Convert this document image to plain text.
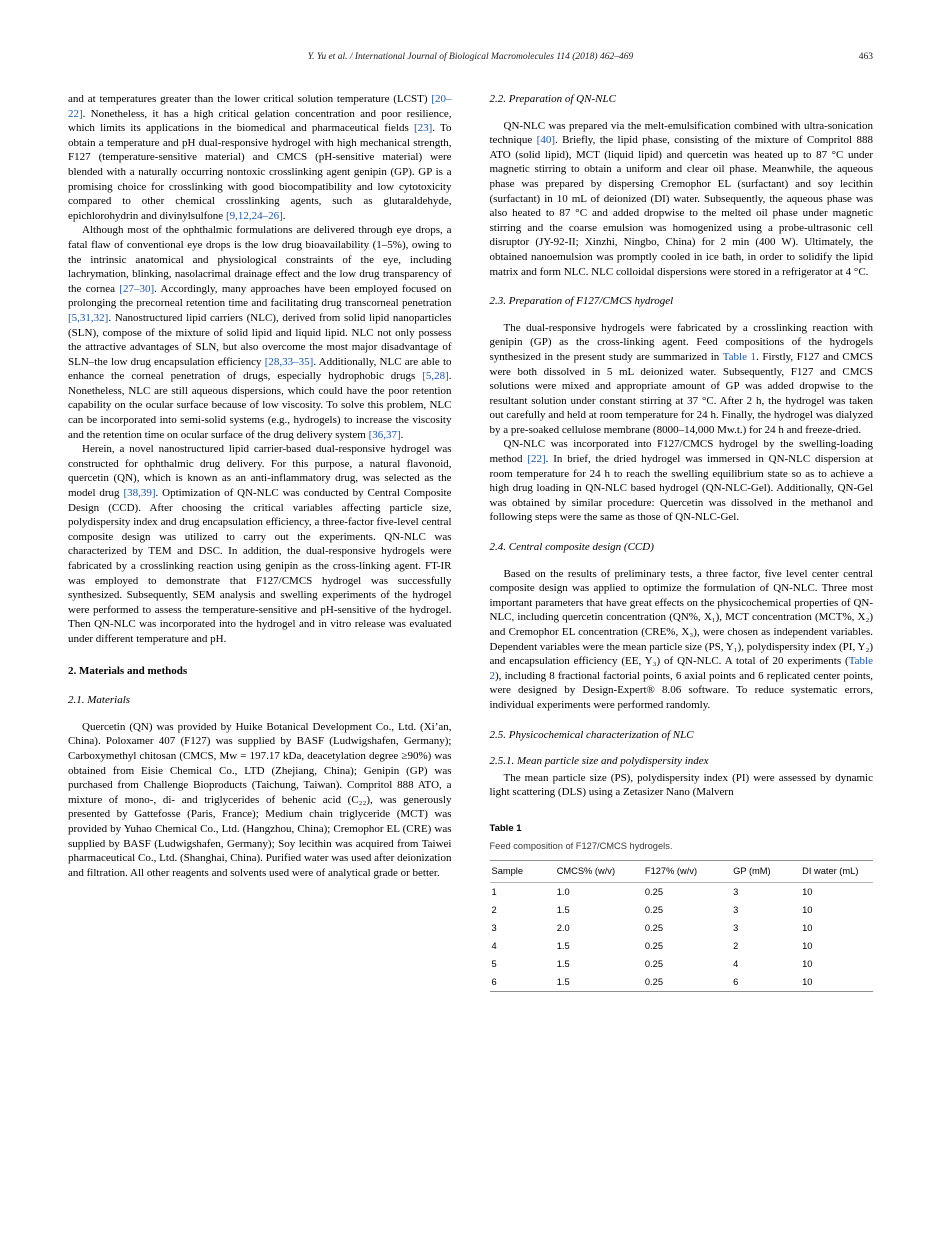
Y. Yu et al. / International Journal of Biological Macromolecules 114 (2018) 462–469	463

and at temperatures greater than the lower critical solution temperature (LCST) [20–22]. Nonetheless, it has a high critical gelation concentration and poor resilience, which limits its applications in the biomedical and pharmaceutical fields [23]. To obtain a temperature and pH dual-responsive hydrogel with high mechanical strength, F127 (temperature-sensitive material) and CMCS (pH-sensitive material) were blended with a naturally occurring nontoxic crosslinking agent genipin (GP). GP is a promising choice for crosslinking with good biocompatibility and low cytotoxicity compared to other chemical crosslinking agents, such as glutaraldehyde, epichlorohydrin and divinylsulfone [9,12,24–26].

Although most of the ophthalmic formulations are delivered through eye drops, a fatal flaw of conventional eye drops is the low drug bioavailability (1–5%), owing to the intrinsic anatomical and physiological constraints of the eye, including lachrymation, blinking, nasolacrimal drainage effect and the low drug transparency of the cornea [27–30]. Accordingly, many approaches have been employed focused on prolonging the precorneal retention time and facilitating drug transcorneal penetration [5,31,32]. Nanostructured lipid carriers (NLC), derived from solid lipid nanoparticles (SLN), compose of the mixture of solid lipid and liquid lipid. NLC not only possess the attractive advantages of SLN, but also overcome the most major disadvantage of SLN–the low drug encapsulation efficiency [28,33–35]. Additionally, NLC are able to enhance the corneal penetration of drugs, especially hydrophobic drugs [5,28]. Nonetheless, NLC are still aqueous dispersions, which could have the poor retention capability on the ocular surface because of low viscosity. To solve this problem, NLC can be incorporated into semi-solid systems (e.g., hydrogels) to increase the viscosity and the retention time on ocular surface of the drug delivery system [36,37].

Herein, a novel nanostructured lipid carrier-based dual-responsive hydrogel was constructed for ophthalmic drug delivery. For this purpose, a natural flavonoid, quercetin (QN), which is known as an anti-inflammatory drug, was selected as the model drug [38,39]. Optimization of QN-NLC was conducted by Central Composite Design (CCD). After choosing the critical variables affecting particle size, polydispersity index and drug encapsulation efficiency, a three-factor five-level central composite design was utilized to carry out the experiments. QN-NLC was characterized by TEM and DSC. In addition, the dual-responsive hydrogels were fabricated by a crosslinking reaction using genipin as the cross-linking agent. FT-IR was employed to demonstrate that F127/CMCS hydrogel was successfully synthesized. Subsequently, SEM analysis and swelling experiments of the hydrogel were performed to assess the temperature-sensitive and pH-sensitive of the hydrogel. Then QN-NLC was incorporated into the hydrogel and in vitro release was evaluated under different temperature and pH.

2. Materials and methods
2.1. Materials

Quercetin (QN) was provided by Huike Botanical Development Co., Ltd. (Xi’an, China). Poloxamer 407 (F127) was supplied by BASF (Ludwigshafen, Germany); Carboxymethyl chitosan (CMCS, Mw = 197.17 kDa, deacetylation degree ≥90%) was obtained from Eisie Chemical Co., LTD (Zhejiang, China); Genipin (GP) was purchased from Challenge Bioproducts (Taichung, Taiwan). Compritol 888 ATO, a mixture of mono-, di- and triglycerides of behenic acid (C₂₂), was generously presented by Gattefosse (Paris, France); Medium chain triglyceride (MCT) was provided by Yuhao Chemical Co., Ltd. (Hangzhou, China); Cremophor EL (CRE) was supplied by BASF (Ludwigshafen, Germany); Soy lecithin was acquired from Taiwei pharmaceutical Co., Ltd. (Shanghai, China). Purified water was used after deionization and filtration. All other reagents and solvents used were of analytical grade or better.

2.2. Preparation of QN-NLC

QN-NLC was prepared via the melt-emulsification combined with ultra-sonication technique [40]. Briefly, the lipid phase, consisting of the mixture of Compritol 888 ATO (solid lipid), MCT (liquid lipid) and quercetin was heated up to 87 °C under magnetic stirring to obtain a uniform and clear oil phase. Meanwhile, the aqueous phase was prepared by dispersing Cremophor EL (surfactant) and soy lecithin (surfactant) in 10 mL of deionized (DI) water. Subsequently, the aqueous phase was also heated to 87 °C and added dropwise to the melted oil phase under magnetic stirring and the coarse emulsion was homogenized using a probe-ultrasonic cell disruptor (JY-92-II; Xinzhi, Ningbo, China) for 2 min (400 W). Ultimately, the obtained nanoemulsion was promptly cooled in ice bath, in order to solidify the lipid matrix and form NLC. NLC colloidal dispersions were stored in a refrigerator at 4 °C.

2.3. Preparation of F127/CMCS hydrogel

The dual-responsive hydrogels were fabricated by a crosslinking reaction with genipin (GP) as the cross-linking agent. Feed compositions of the hydrogels synthesized in the present study are summarized in Table 1. Firstly, F127 and CMCS were both dissolved in 5 mL deionized water. Subsequently, F127 and CMCS solutions were mixed and appropriate amount of GP was added dropwise to the resultant solution under constant stirring at 37 °C. After 2 h, the hydrogel was taken out carefully and held at room temperature for 24 h. Finally, the hydrogel was dialyzed by a pre-soaked cellulose membrane (8000–14,000 Mw.t.) for 24 h and freeze-dried.

QN-NLC was incorporated into F127/CMCS hydrogel by the swelling-loading method [22]. In brief, the dried hydrogel was immersed in QN-NLC dispersion at room temperature for 24 h to reach the swelling equilibrium state so as to achieve a high drug loading in QN-NLC based hydrogel (QN-NLC-Gel). Additionally, QN-Gel was obtained by similar procedure: Quercetin was dissolved in the methanol and following steps were the same as those of QN-NLC-Gel.

2.4. Central composite design (CCD)

Based on the results of preliminary tests, a three factor, five level center central composite design was applied to optimize the formulation of QN-NLC. Three most important parameters that have great effects on the physicochemical properties of QN-NLC, including quercetin concentration (QN%, X₁), MCT concentration (MCT%, X₂) and Cremophor EL concentration (CRE%, X₃), were chosen as independent variables. Dependent variables were the mean particle size (PS, Y₁), polydispersity index (PI, Y₂) and encapsulation efficiency (EE, Y₃) of QN-NLC. A total of 20 experiments (Table 2), including 8 fractional factorial points, 6 axial points and 6 replicated center points, were designed by Design-Expert® 8.06 software. To reduce systematic errors, individual experiments were performed randomly.

2.5. Physicochemical characterization of NLC
2.5.1. Mean particle size and polydispersity index

The mean particle size (PS), polydispersity index (PI) were assessed by dynamic light scattering (DLS) using a Zetasizer Nano (Malvern

Table 1
Feed composition of F127/CMCS hydrogels.
Sample	CMCS% (w/v)	F127% (w/v)	GP (mM)	DI water (mL)
1	1.0	0.25	3	10
2	1.5	0.25	3	10
3	2.0	0.25	3	10
4	1.5	0.25	2	10
5	1.5	0.25	4	10
6	1.5	0.25	6	10
